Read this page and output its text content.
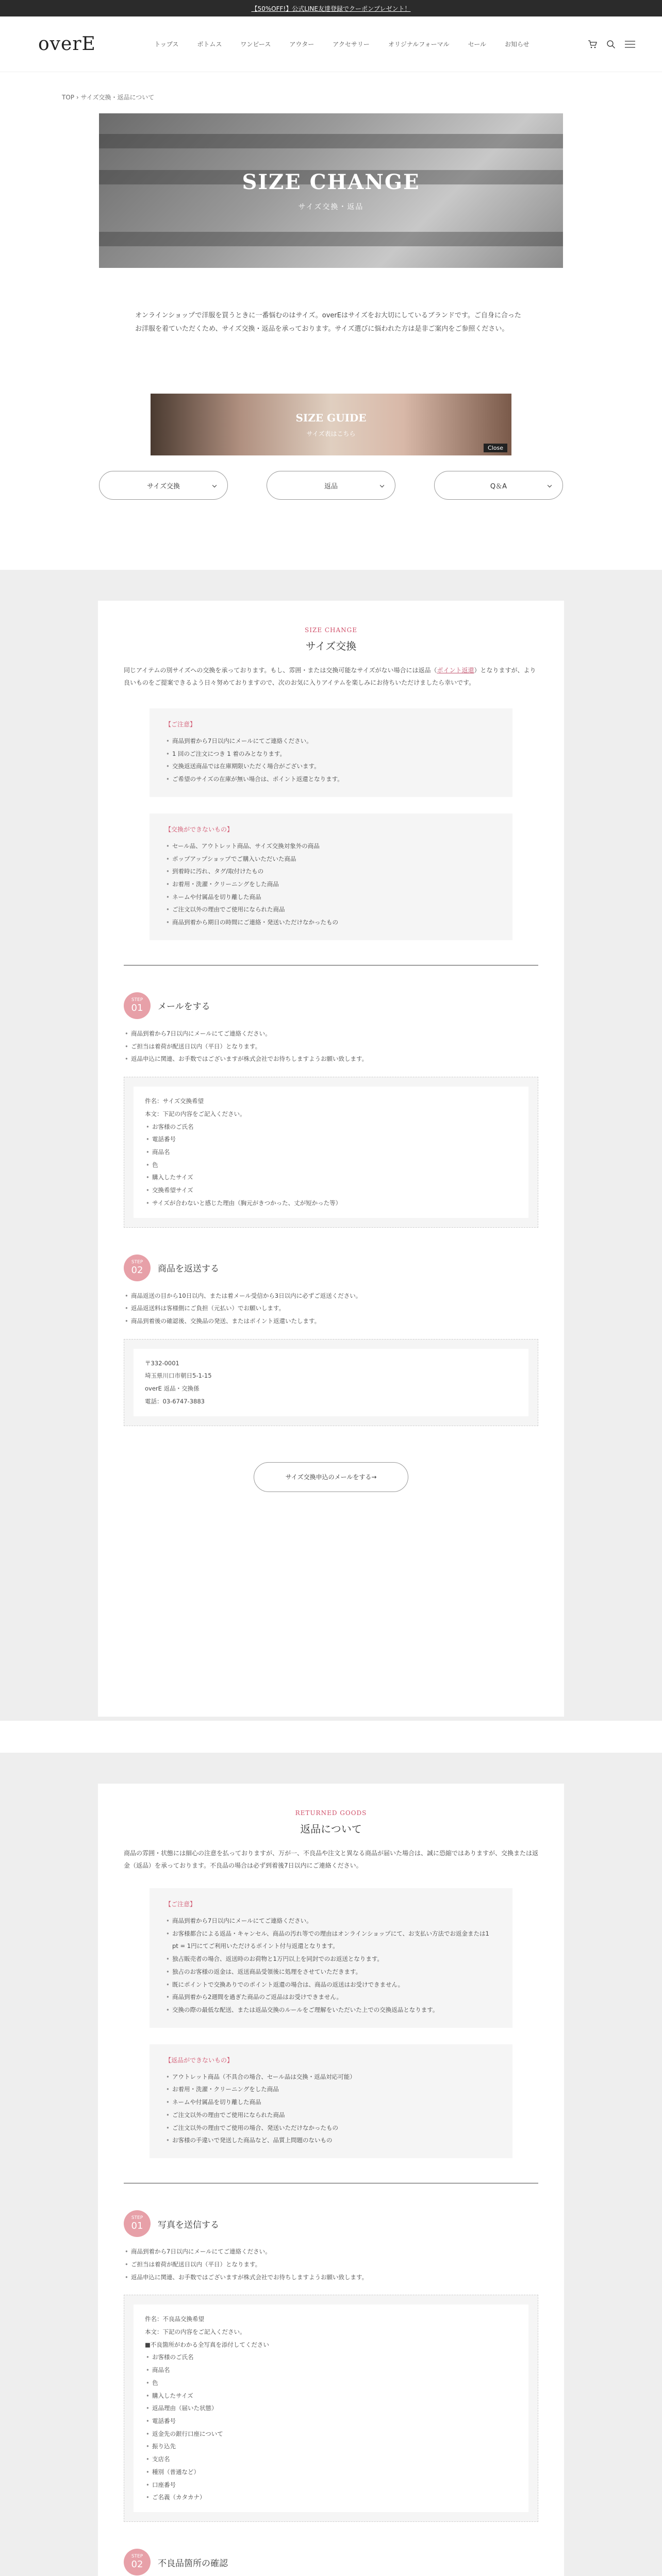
【50%OFF!】公式LINE友達登録でクーポンプレゼント！
overE	トップス	ボトムス	ワンピース	アウター	アクセサリー	オリジナルフォーマル	セール	お知らせ
TOP › サイズ交換・返品について
SIZE CHANGE

サイズ交換・返品

オンラインショップで洋服を買うときに一番悩むのはサイズ。overEはサイズをお大切にしているブランドです。ご自身に合ったお洋服を着ていただくため、サイズ交換・返品を承っております。サイズ選びに悩われた方は是非ご案内をご参照ください。
SIZE GUIDE

サイズ表はこちら

Close
サイズ交換	返品	Q＆A
SIZE CHANGE
サイズ交換

同じアイテムの別サイズへの交換を承っております。もし、雰囲・または交換可能なサイズがない場合には返品（ポイント返還）となりますが、より良いものをご提案できるよう日々努めておりますので、次のお気に入りアイテムを楽しみにお待ちいただけましたら幸いです。

【ご注意】
• 商品到着から7日以内にメールにてご連絡ください。
• 1 回のご注文につき 1 着のみとなります。
• 交換返送商品では在庫期限いただく場合がございます。
• ご希望のサイズの在庫が無い場合は、ポイント返還となります。
【交換ができないもの】
• セール品、アウトレット商品、サイズ交換対象外の商品
• ポップアップショップでご購入いただいた商品
• 到着時に汚れ、タグ/取付けたもの
• お着用・洗濯・クリーニングをした商品
• ネームや付属品を切り離した商品
• ご注文以外の理由でご使用になられた商品
• 商品到着から期日の時間にご連絡・発送いただけなかったもの
STEP
01 メールをする
• 商品到着から7日以内にメールにてご連絡ください。
• ご担当は着荷が配送日以内（平日）となります。
• 返品申込に関連、お手数ではございますが株式会社でお待ちしますようお願い致します。
件名：サイズ交換希望
本文：下記の内容をご記入ください。
• お客様のご氏名
• 電話番号
• 商品名
• 色
• 購入したサイズ
• 交換希望サイズ
• サイズが合わないと感じた理由（胸元がきつかった、丈が短かった等）
STEP
02 商品を返送する
• 商品返送の目から10日以内、または着メール受信から3日以内に必ずご返送ください。
• 返品返送料は客様側にご負担（元払い）でお願いします。
• 商品到着後の確認後、交換品の発送、またはポイント返還いたします。
〒332-0001
埼玉県川口市朝日5-1-15
overE 返品・交換係
電話：03-6747-3883
サイズ交換申込のメールをする→
RETURNED GOODS
返品について

商品の雰囲・状態には細心の注意を払っておりますが、万が一、不良品や注文と異なる商品が届いた場合は、誠に恐縮ではありますが、交換または返金（返品）を承っております。不良品の場合は必ず到着後7日以内にご連絡ください。

【ご注意】
• 商品到着から7日以内にメールにてご連絡ください。
• お客様都合による返品・キャンセル、商品の汚れ等での理由はオンラインショップにて、お支払い方法でお返金または1 pt = 1円にてご利用いただけるポイント付与返還となります。
• 独占販売者の場合、返送時のお荷物と1万円以上を同封でのお返送となります。
• 独占のお客様の返金は、返送商品受領後に処理をさせていただきます。
• 既にポイントで交換ありでのポイント返還の場合は、商品の返送はお受けできません。
• 商品到着から2週間を過ぎた商品のご返品はお受けできません。
• 交換の際の最低な配送、または返品交換のルールをご理解をいただいた上での交換返品となります。
【返品ができないもの】
• アウトレット商品（不具合の場合、セール品は交換・返品対応可能）
• お着用・洗濯・クリーニングをした商品
• ネームや付属品を切り離した商品
• ご注文以外の理由でご使用になられた商品
• ご注文以外の理由でご使用の場合、発送いただけなかったもの
• お客様の手違いで発送した商品など、品質上問題のないもの
STEP
01 写真を送信する
• 商品到着から7日以内にメールにてご連絡ください。
• ご担当は着荷が配送日以内（平日）となります。
• 返品申込に関連、お手数ではございますが株式会社でお待ちしますようお願い致します。
件名：不良品交換希望
本文：下記の内容をご記入ください。
■不良箇所がわかる全写真を添付してください
• お客様のご氏名
• 商品名
• 色
• 購入したサイズ
• 返品理由（届いた状態）
• 電話番号
• 返金先の銀行口座について
• 振り込先
• 支店名
• 種別（普通など）
• 口座番号
• ご名義（カタカナ）
STEP
02 不良品箇所の確認
